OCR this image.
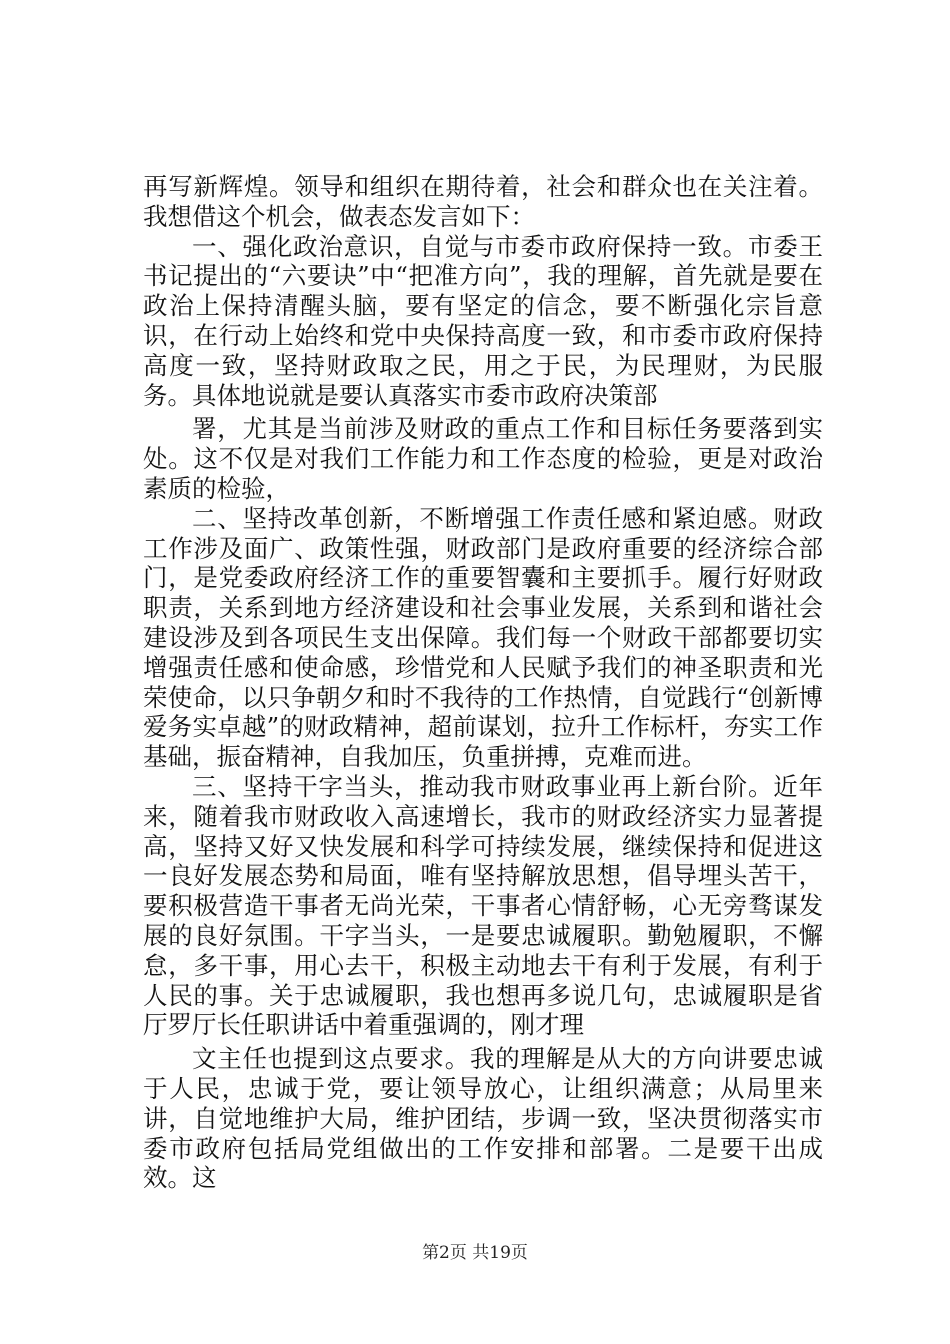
再写新辉煌。领导和组织在期待着，社会和群众也在关注着。我想借这个机会，做表态发言如下：

一、强化政治意识，自觉与市委市政府保持一致。市委王书记提出的“六要诀”中“把准方向”，我的理解，首先就是要在政治上保持清醒头脑，要有坚定的信念，要不断强化宗旨意识，在行动上始终和党中央保持高度一致，和市委市政府保持高度一致，坚持财政取之民，用之于民，为民理财，为民服务。具体地说就是要认真落实市委市政府决策部

署，尤其是当前涉及财政的重点工作和目标任务要落到实处。这不仅是对我们工作能力和工作态度的检验，更是对政治素质的检验，

二、坚持改革创新，不断增强工作责任感和紧迫感。财政工作涉及面广、政策性强，财政部门是政府重要的经济综合部门，是党委政府经济工作的重要智囊和主要抓手。履行好财政职责，关系到地方经济建设和社会事业发展，关系到和谐社会建设涉及到各项民生支出保障。我们每一个财政干部都要切实增强责任感和使命感，珍惜党和人民赋予我们的神圣职责和光荣使命，以只争朝夕和时不我待的工作热情，自觉践行“创新博爱务实卓越”的财政精神，超前谋划，拉升工作标杆，夯实工作基础，振奋精神，自我加压，负重拼搏，克难而进。

三、坚持干字当头，推动我市财政事业再上新台阶。近年来，随着我市财政收入高速增长，我市的财政经济实力显著提高，坚持又好又快发展和科学可持续发展，继续保持和促进这一良好发展态势和局面，唯有坚持解放思想，倡导埋头苦干，要积极营造干事者无尚光荣，干事者心情舒畅，心无旁骛谋发展的良好氛围。干字当头，一是要忠诚履职。勤勉履职，不懈怠，多干事，用心去干，积极主动地去干有利于发展，有利于人民的事。关于忠诚履职，我也想再多说几句，忠诚履职是省厅罗厅长任职讲话中着重强调的，刚才理

文主任也提到这点要求。我的理解是从大的方向讲要忠诚于人民，忠诚于党，要让领导放心，让组织满意；从局里来讲，自觉地维护大局，维护团结，步调一致，坚决贯彻落实市委市政府包括局党组做出的工作安排和部署。二是要干出成效。这

第2页 共19页
